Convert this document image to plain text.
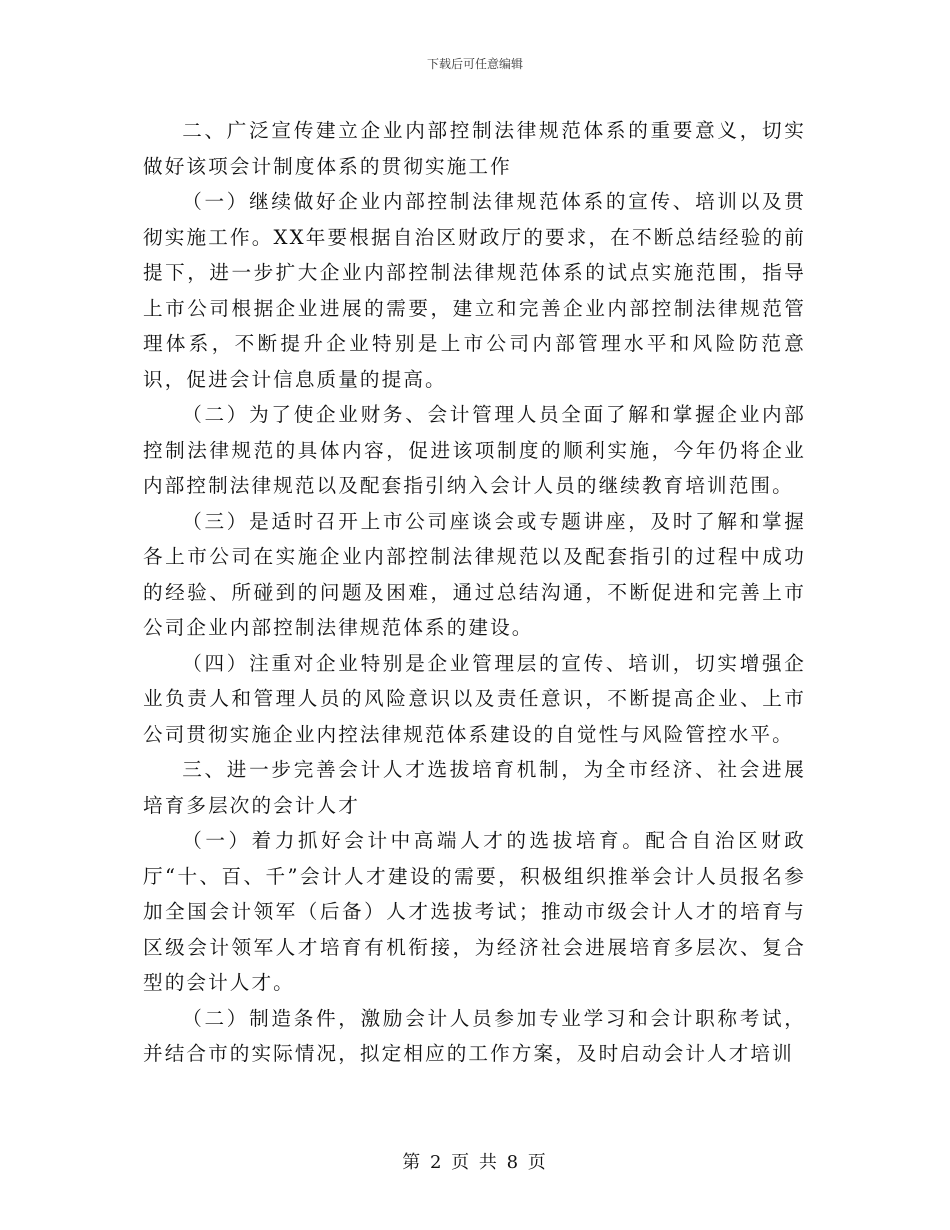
下载后可任意编辑

二、广泛宣传建立企业内部控制法律规范体系的重要意义，切实做好该项会计制度体系的贯彻实施工作

（一）继续做好企业内部控制法律规范体系的宣传、培训以及贯彻实施工作。XX年要根据自治区财政厅的要求，在不断总结经验的前提下，进一步扩大企业内部控制法律规范体系的试点实施范围，指导上市公司根据企业进展的需要，建立和完善企业内部控制法律规范管理体系，不断提升企业特别是上市公司内部管理水平和风险防范意识，促进会计信息质量的提高。

（二）为了使企业财务、会计管理人员全面了解和掌握企业内部控制法律规范的具体内容，促进该项制度的顺利实施，今年仍将企业内部控制法律规范以及配套指引纳入会计人员的继续教育培训范围。

（三）是适时召开上市公司座谈会或专题讲座，及时了解和掌握各上市公司在实施企业内部控制法律规范以及配套指引的过程中成功的经验、所碰到的问题及困难，通过总结沟通，不断促进和完善上市公司企业内部控制法律规范体系的建设。

（四）注重对企业特别是企业管理层的宣传、培训，切实增强企业负责人和管理人员的风险意识以及责任意识，不断提高企业、上市公司贯彻实施企业内控法律规范体系建设的自觉性与风险管控水平。

三、进一步完善会计人才选拔培育机制，为全市经济、社会进展培育多层次的会计人才

（一）着力抓好会计中高端人才的选拔培育。配合自治区财政厅“十、百、千”会计人才建设的需要，积极组织推举会计人员报名参加全国会计领军（后备）人才选拔考试；推动市级会计人才的培育与区级会计领军人才培育有机衔接，为经济社会进展培育多层次、复合型的会计人才。

（二）制造条件，激励会计人员参加专业学习和会计职称考试，并结合市的实际情况，拟定相应的工作方案，及时启动会计人才培训

第 2 页 共 8 页
